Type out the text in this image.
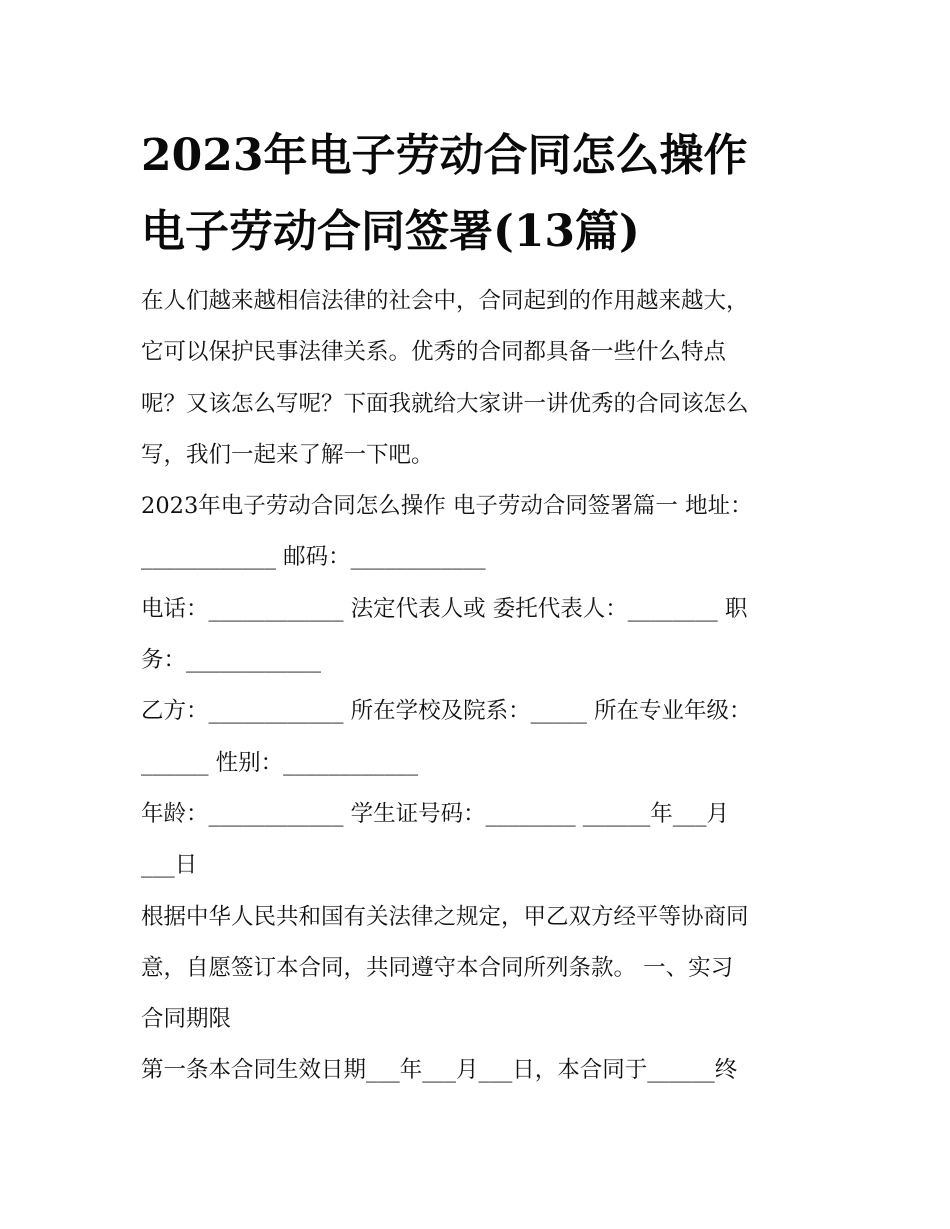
2023年电子劳动合同怎么操作
电子劳动合同签署(13篇)
在人们越来越相信法律的社会中，合同起到的作用越来越大，
它可以保护民事法律关系。优秀的合同都具备一些什么特点
呢？又该怎么写呢？下面我就给大家讲一讲优秀的合同该怎么
写，我们一起来了解一下吧。
2023年电子劳动合同怎么操作 电子劳动合同签署篇一 地址：
____________ 邮码：____________
电话：____________ 法定代表人或 委托代表人：________ 职
务：____________
乙方：____________ 所在学校及院系：_____ 所在专业年级：
______ 性别：____________
年龄：____________ 学生证号码：________ ______年___月
___日
根据中华人民共和国有关法律之规定，甲乙双方经平等协商同
意，自愿签订本合同，共同遵守本合同所列条款。 一、实习
合同期限
第一条本合同生效日期___年___月___日，本合同于______终
